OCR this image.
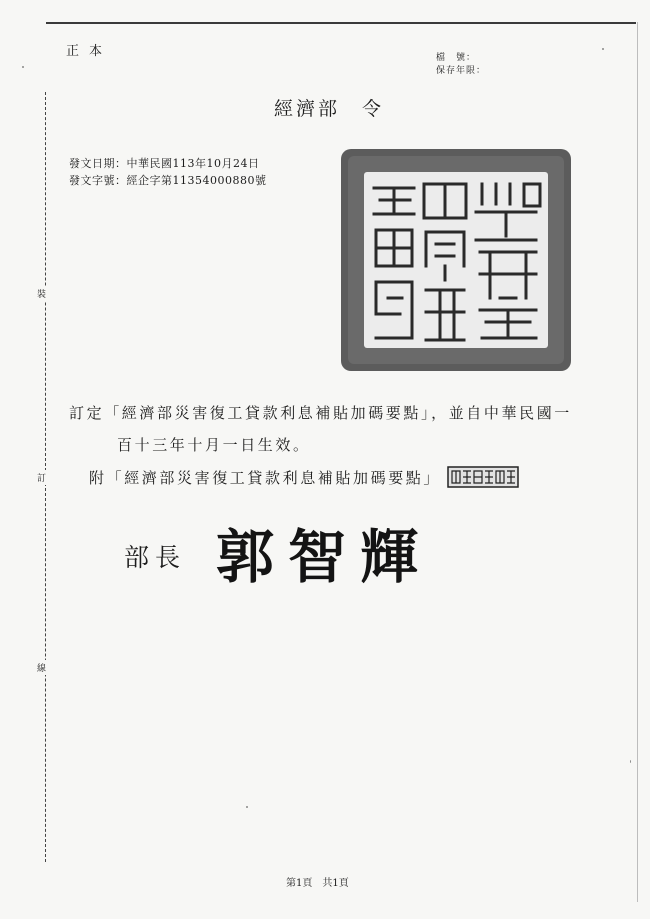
裝
訂
線
正本	檔　號：
保存年限：
經濟部 令
發文日期：中華民國113年10月24日
發文字號：經企字第11354000880號
訂定「經濟部災害復工貸款利息補貼加碼要點」，並自中華民國一
百十三年十月一日生效。
附「經濟部災害復工貸款利息補貼加碼要點」
部長 郭智輝
第1頁　共1頁
